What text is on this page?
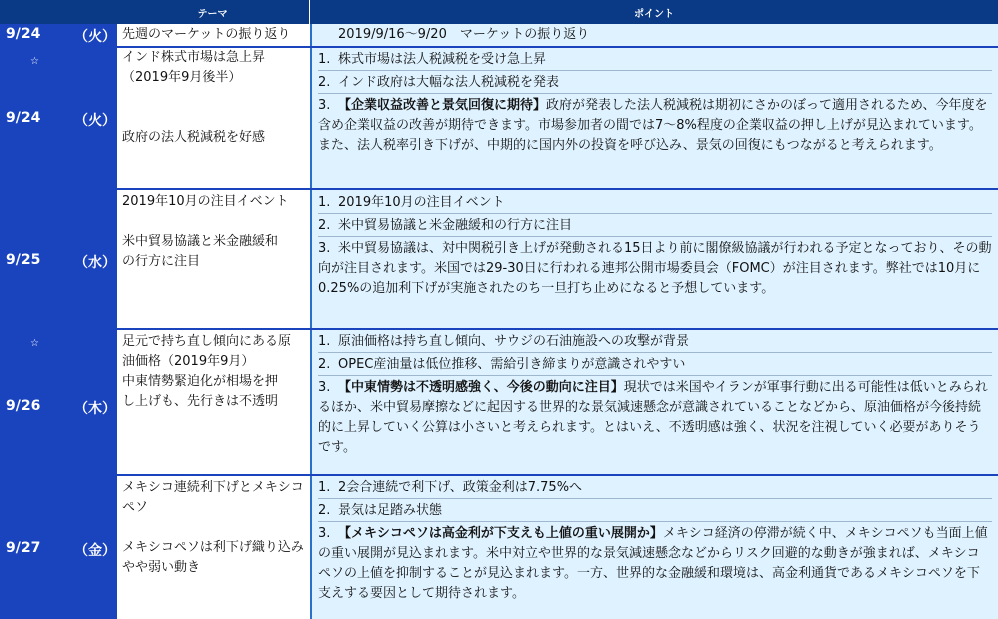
テーマ	ポイント
9/24 （火） 先週のマーケットの振り返り	2019/9/16～9/20　マーケットの振り返り
☆
9/24 （火）

インド株式市場は急上昇

（2019年9月後半）

政府の法人税減税を好感

1. 株式市場は法人税減税を受け急上昇
2. インド政府は大幅な法人税減税を発表
3. 【企業収益改善と景気回復に期待】政府が発表した法人税減税は期初にさかのぼって適用されるため、今年度を含め企業収益の改善が期待できます。市場参加者の間では7～8%程度の企業収益の押し上げが見込まれています。また、法人税率引き下げが、中期的に国内外の投資を呼び込み、景気の回復にもつながると考えられます。
9/25 （水）

2019年10月の注目イベント

米中貿易協議と米金融緩和

の行方に注目

1. 2019年10月の注目イベント
2. 米中貿易協議と米金融緩和の行方に注目
3. 米中貿易協議は、対中関税引き上げが発動される15日より前に閣僚級協議が行われる予定となっており、その動向が注目されます。米国では29-30日に行われる連邦公開市場委員会（FOMC）が注目されます。弊社では10月に0.25%の追加利下げが実施されたのち一旦打ち止めになると予想しています。
☆
9/26 （木）

足元で持ち直し傾向にある原

油価格（2019年9月）

中東情勢緊迫化が相場を押

し上げも、先行きは不透明

1. 原油価格は持ち直し傾向、サウジの石油施設への攻撃が背景
2. OPEC産油量は低位推移、需給引き締まりが意識されやすい
3. 【中東情勢は不透明感強く、今後の動向に注目】現状では米国やイランが軍事行動に出る可能性は低いとみられるほか、米中貿易摩擦などに起因する世界的な景気減速懸念が意識されていることなどから、原油価格が今後持続的に上昇していく公算は小さいと考えられます。とはいえ、不透明感は強く、状況を注視していく必要がありそうです。
9/27 （金）

メキシコ連続利下げとメキシコ

ペソ

メキシコペソは利下げ織り込み

やや弱い動き

1. 2会合連続で利下げ、政策金利は7.75%へ
2. 景気は足踏み状態
3. 【メキシコペソは高金利が下支えも上値の重い展開か】メキシコ経済の停滞が続く中、メキシコペソも当面上値の重い展開が見込まれます。米中対立や世界的な景気減速懸念などからリスク回避的な動きが強まれば、メキシコペソの上値を抑制することが見込まれます。一方、世界的な金融緩和環境は、高金利通貨であるメキシコペソを下支えする要因として期待されます。
